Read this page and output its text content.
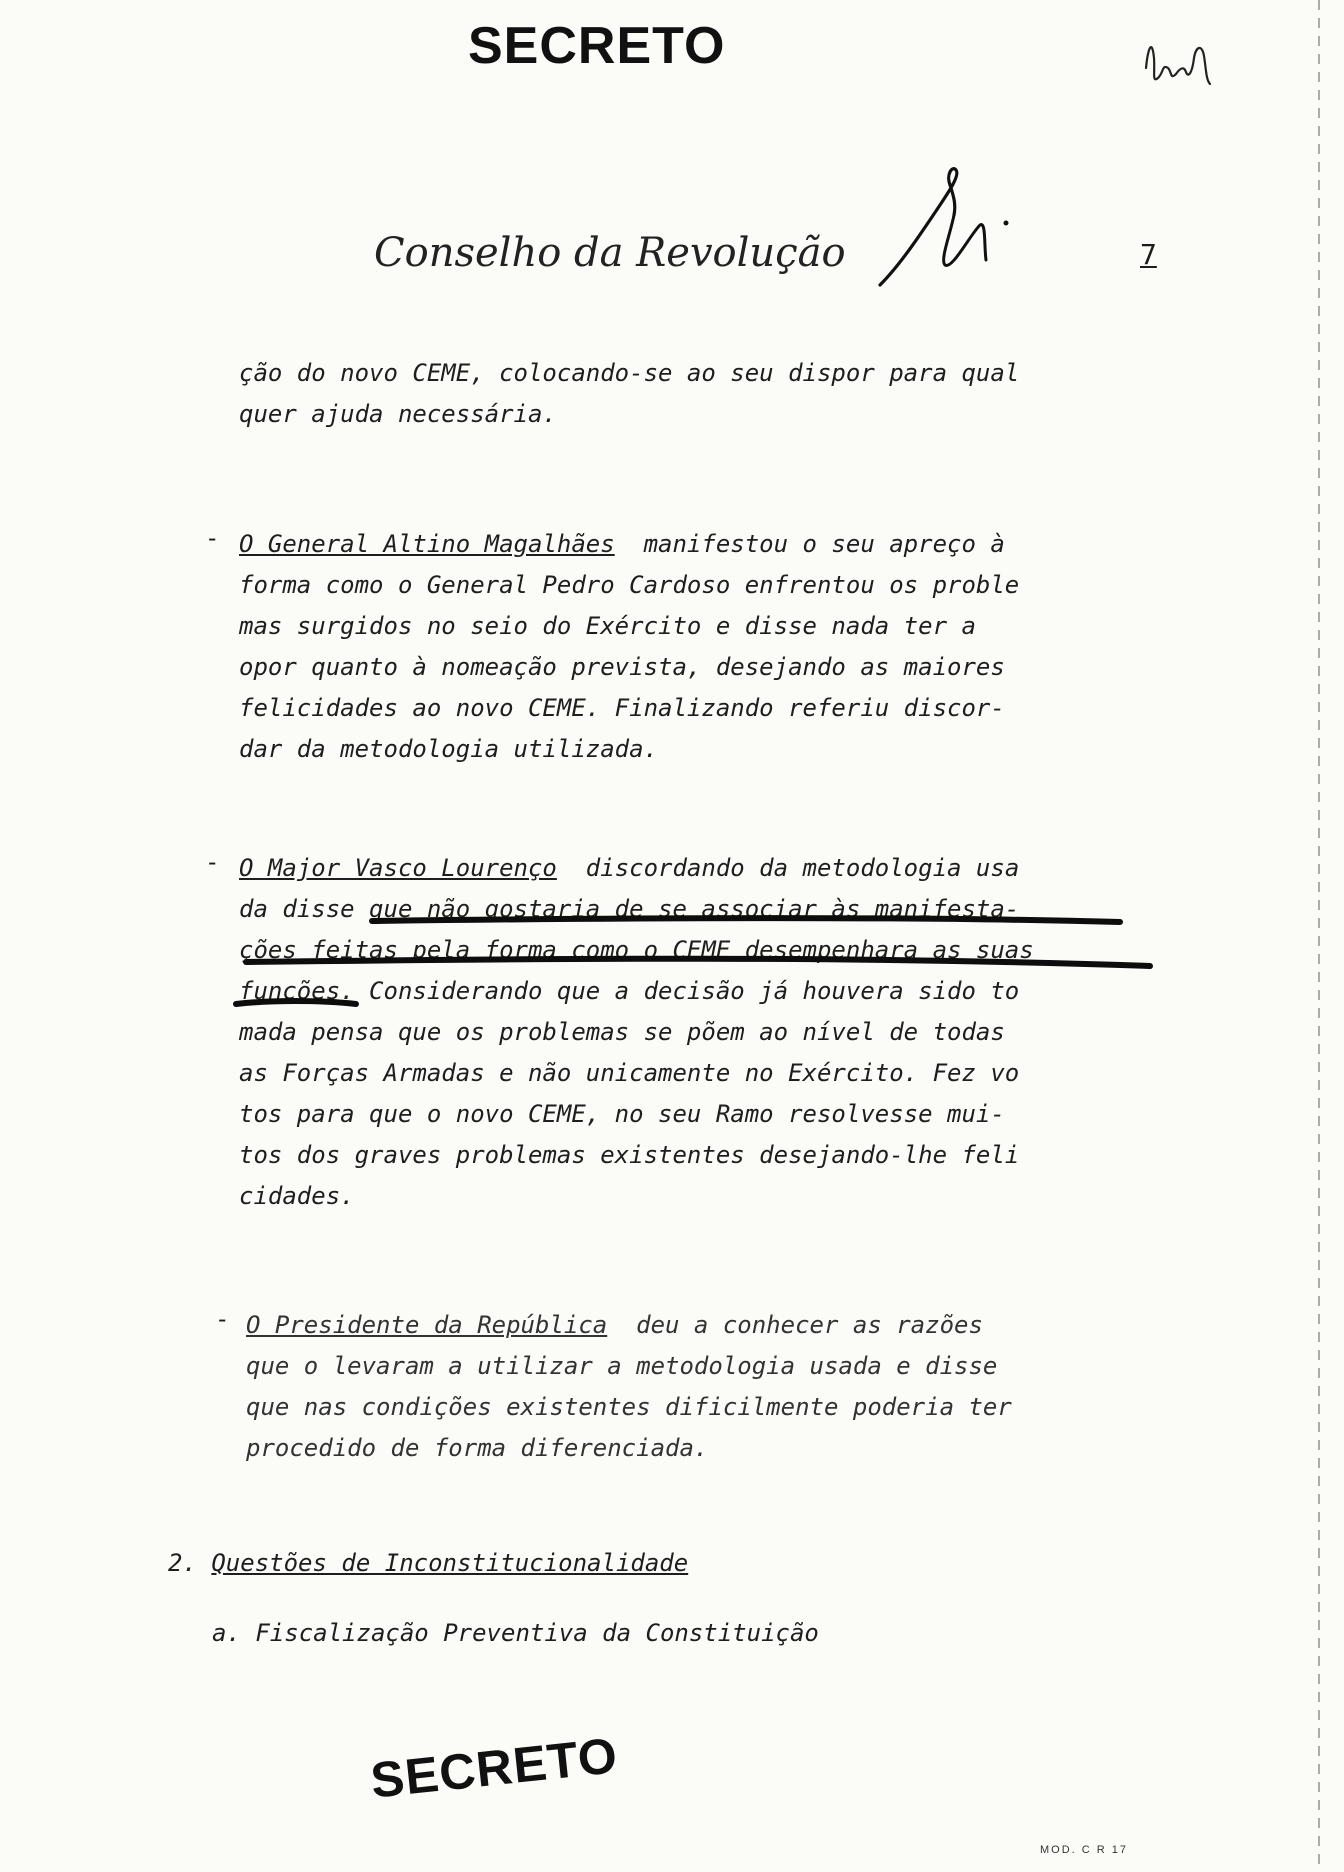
SECRETO
Conselho da Revolução	7
ção do novo CEME, colocando-se ao seu dispor para qual
quer ajuda necessária.
- O General Altino Magalhães  manifestou o seu apreço à
forma como o General Pedro Cardoso enfrentou os proble
mas surgidos no seio do Exército e disse nada ter a
opor quanto à nomeação prevista, desejando as maiores
felicidades ao novo CEME. Finalizando referiu discor-
dar da metodologia utilizada.
- O Major Vasco Lourenço  discordando da metodologia usa
da disse que não gostaria de se associar às manifesta-
ções feitas pela forma como o CEME desempenhara as suas
funções. Considerando que a decisão já houvera sido to
mada pensa que os problemas se põem ao nível de todas
as Forças Armadas e não unicamente no Exército. Fez vo
tos para que o novo CEME, no seu Ramo resolvesse mui-
tos dos graves problemas existentes desejando-lhe feli
cidades.
- O Presidente da República  deu a conhecer as razões
que o levaram a utilizar a metodologia usada e disse
que nas condições existentes dificilmente poderia ter
procedido de forma diferenciada.
2. Questões de Inconstitucionalidade
a. Fiscalização Preventiva da Constituição
SECRETO
MOD. C R 17
